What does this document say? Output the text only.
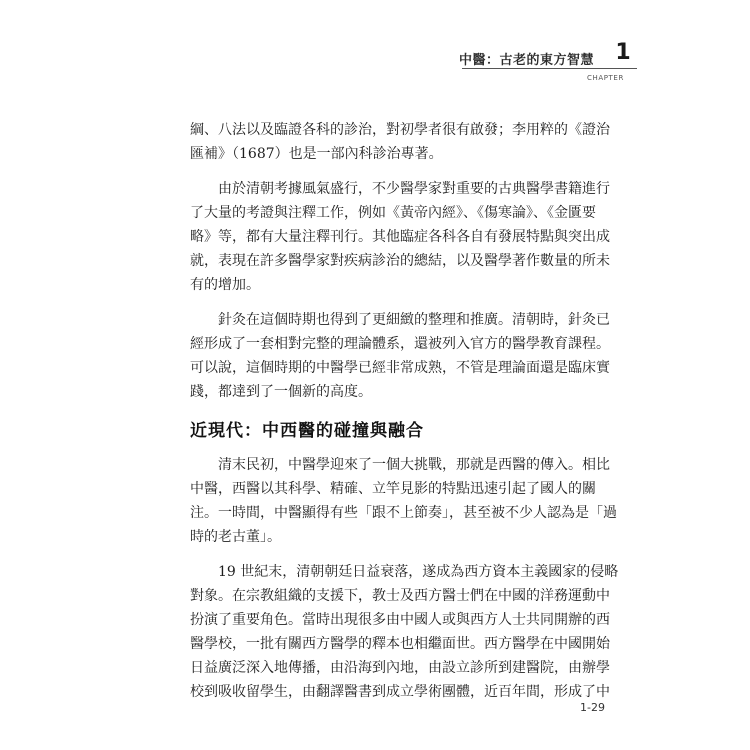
中醫：古老的東方智慧 1
CHAPTER

綱、八法以及臨證各科的診治，對初學者很有啟發；李用粹的《證治
匯補》（1687）也是一部內科診治專著。

由於清朝考據風氣盛行，不少醫學家對重要的古典醫學書籍進行
了大量的考證與注釋工作，例如《黃帝內經》、《傷寒論》、《金匱要
略》等，都有大量注釋刊行。其他臨症各科各自有發展特點與突出成
就，表現在許多醫學家對疾病診治的總結，以及醫學著作數量的所未
有的增加。

針灸在這個時期也得到了更細緻的整理和推廣。清朝時，針灸已
經形成了一套相對完整的理論體系，還被列入官方的醫學教育課程。
可以說，這個時期的中醫學已經非常成熟，不管是理論面還是臨床實
踐，都達到了一個新的高度。

近現代：中西醫的碰撞與融合

清末民初，中醫學迎來了一個大挑戰，那就是西醫的傳入。相比
中醫，西醫以其科學、精確、立竿見影的特點迅速引起了國人的關
注。一時間，中醫顯得有些「跟不上節奏」，甚至被不少人認為是「過
時的老古董」。

19 世紀末，清朝朝廷日益衰落，遂成為西方資本主義國家的侵略
對象。在宗教組織的支援下，教士及西方醫士們在中國的洋務運動中
扮演了重要角色。當時出現很多由中國人或與西方人士共同開辦的西
醫學校，一批有關西方醫學的釋本也相繼面世。西方醫學在中國開始
日益廣泛深入地傳播，由沿海到內地，由設立診所到建醫院，由辦學
校到吸收留學生，由翻譯醫書到成立學術團體，近百年間，形成了中

1-29
